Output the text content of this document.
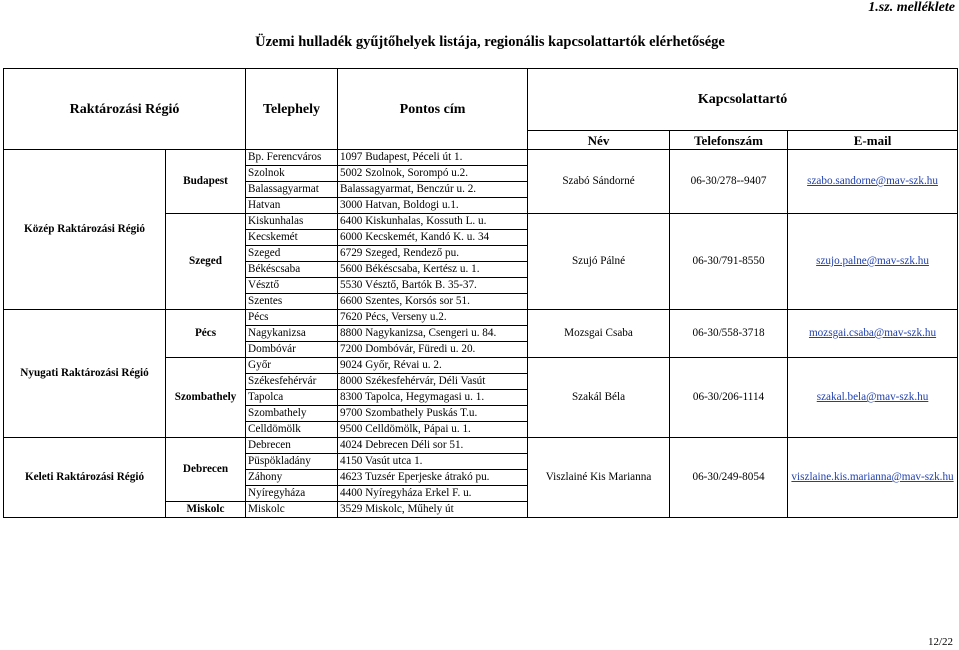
1.sz. melléklete
Üzemi hulladék gyűjtőhelyek listája, regionális kapcsolattartók elérhetősége
Raktározási Régió		Telephely	Pontos cím	Kapcsolattartó		
				Név	Telefonszám	E-mail
Közép Raktározási Régió	Budapest	Bp. Ferencváros	1097 Budapest, Péceli út 1.	Szabó Sándorné	06-30/278--9407	szabo.sandorne@mav-szk.hu
		Szolnok	5002 Szolnok, Sorompó u.2.			
		Balassagyarmat	Balassagyarmat, Benczúr u. 2.			
		Hatvan	3000 Hatvan, Boldogi u.1.			
	Szeged	Kiskunhalas	6400 Kiskunhalas, Kossuth L. u.	Szujó Pálné	06-30/791-8550	szujo.palne@mav-szk.hu
		Kecskemét	6000 Kecskemét, Kandó K. u. 34			
		Szeged	6729 Szeged, Rendező pu.			
		Békéscsaba	5600 Békéscsaba, Kertész u. 1.			
		Vésztő	5530 Vésztő, Bartók B. 35-37.			
		Szentes	6600 Szentes, Korsós sor 51.			
Nyugati Raktározási Régió	Pécs	Pécs	7620 Pécs, Verseny u.2.	Mozsgai Csaba	06-30/558-3718	mozsgai.csaba@mav-szk.hu
		Nagykanizsa	8800 Nagykanizsa, Csengeri u. 84.			
		Dombóvár	7200 Dombóvár, Füredi u. 20.			
	Szombathely	Győr	9024 Győr, Révai u. 2.	Szakál Béla	06-30/206-1114	szakal.bela@mav-szk.hu
		Székesfehérvár	8000 Székesfehérvár, Déli Vasút			
		Tapolca	8300 Tapolca, Hegymagasi u. 1.			
		Szombathely	9700 Szombathely Puskás T.u.			
		Celldömölk	9500 Celldömölk, Pápai u. 1.			
Keleti Raktározási Régió	Debrecen	Debrecen	4024 Debrecen Déli sor 51.	Viszlainé Kis Marianna	06-30/249-8054	viszlaine.kis.marianna@mav-szk.hu
		Püspökladány	4150 Vasút utca 1.			
		Záhony	4623 Tuzsér Eperjeske átrakó pu.			
		Nyíregyháza	4400 Nyíregyháza Erkel F. u.			
	Miskolc	Miskolc	3529 Miskolc, Műhely út			
12/22
